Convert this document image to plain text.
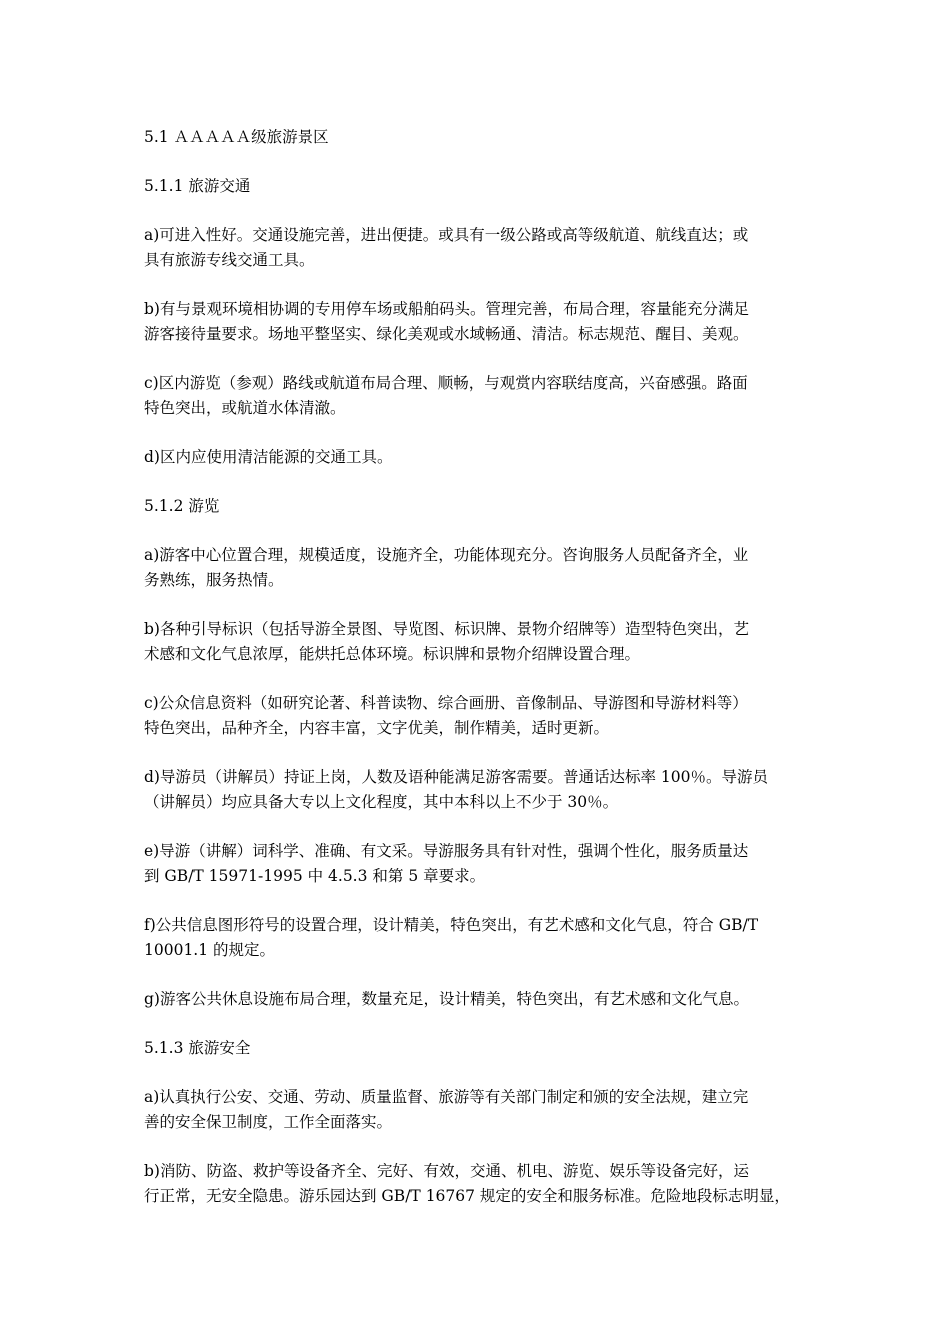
5.1 ＡＡＡＡＡ级旅游景区
5.1.1 旅游交通
a)可进入性好。交通设施完善，进出便捷。或具有一级公路或高等级航道、航线直达；或
具有旅游专线交通工具。
b)有与景观环境相协调的专用停车场或船舶码头。管理完善，布局合理，容量能充分满足
游客接待量要求。场地平整坚实、绿化美观或水域畅通、清洁。标志规范、醒目、美观。
c)区内游览（参观）路线或航道布局合理、顺畅，与观赏内容联结度高，兴奋感强。路面
特色突出，或航道水体清澈。
d)区内应使用清洁能源的交通工具。
5.1.2 游览
a)游客中心位置合理，规模适度，设施齐全，功能体现充分。咨询服务人员配备齐全，业
务熟练，服务热情。
b)各种引导标识（包括导游全景图、导览图、标识牌、景物介绍牌等）造型特色突出，艺
术感和文化气息浓厚，能烘托总体环境。标识牌和景物介绍牌设置合理。
c)公众信息资料（如研究论著、科普读物、综合画册、音像制品、导游图和导游材料等）
特色突出，品种齐全，内容丰富，文字优美，制作精美，适时更新。
d)导游员（讲解员）持证上岗，人数及语种能满足游客需要。普通话达标率 100％。导游员
（讲解员）均应具备大专以上文化程度，其中本科以上不少于 30％。
e)导游（讲解）词科学、准确、有文采。导游服务具有针对性，强调个性化，服务质量达
到 GB/T 15971-1995 中 4.5.3 和第 5 章要求。
f)公共信息图形符号的设置合理，设计精美，特色突出，有艺术感和文化气息，符合 GB/T
10001.1 的规定。
g)游客公共休息设施布局合理，数量充足，设计精美，特色突出，有艺术感和文化气息。
5.1.3 旅游安全
a)认真执行公安、交通、劳动、质量监督、旅游等有关部门制定和颁的安全法规，建立完
善的安全保卫制度，工作全面落实。
b)消防、防盗、救护等设备齐全、完好、有效，交通、机电、游览、娱乐等设备完好，运
行正常，无安全隐患。游乐园达到 GB/T 16767 规定的安全和服务标准。危险地段标志明显，
